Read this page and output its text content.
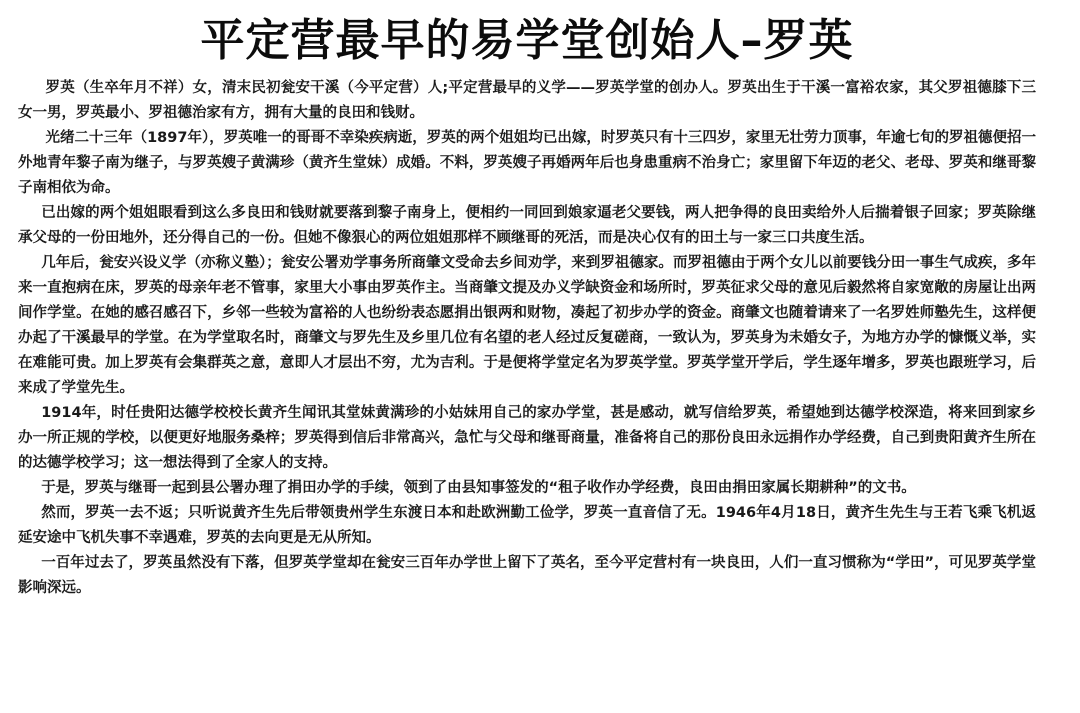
平定营最早的易学堂创始人–罗英

罗英（生卒年月不祥）女，清末民初瓮安干溪（今平定营）人;平定营最早的义学——罗英学堂的创办人。罗英出生于干溪一富裕农家，其父罗祖德膝下三女一男，罗英最小、罗祖德治家有方，拥有大量的良田和钱财。

光绪二十三年（1897年），罗英唯一的哥哥不幸染疾病逝，罗英的两个姐姐均已出嫁，时罗英只有十三四岁，家里无壮劳力顶事，年逾七旬的罗祖德便招一外地青年黎子南为继子，与罗英嫂子黄满珍（黄齐生堂妹）成婚。不料，罗英嫂子再婚两年后也身患重病不治身亡；家里留下年迈的老父、老母、罗英和继哥黎子南相依为命。

已出嫁的两个姐姐眼看到这么多良田和钱财就要落到黎子南身上，便相约一同回到娘家逼老父要钱，两人把争得的良田卖给外人后揣着银子回家；罗英除继承父母的一份田地外，还分得自己的一份。但她不像狠心的两位姐姐那样不顾继哥的死活，而是决心仅有的田土与一家三口共度生活。

几年后，瓮安兴设义学（亦称义塾）；瓮安公署劝学事务所商肇文受命去乡间劝学，来到罗祖德家。而罗祖德由于两个女儿以前要钱分田一事生气成疾，多年来一直抱病在床，罗英的母亲年老不管事，家里大小事由罗英作主。当商肇文提及办义学缺资金和场所时，罗英征求父母的意见后毅然将自家宽敞的房屋让出两间作学堂。在她的感召感召下，乡邻一些较为富裕的人也纷纷表态愿捐出银两和财物，凑起了初步办学的资金。商肇文也随着请来了一名罗姓师塾先生，这样便办起了干溪最早的学堂。在为学堂取名时，商肇文与罗先生及乡里几位有名望的老人经过反复磋商，一致认为，罗英身为未婚女子，为地方办学的慷慨义举，实在难能可贵。加上罗英有会集群英之意，意即人才层出不穷，尤为吉利。于是便将学堂定名为罗英学堂。罗英学堂开学后，学生逐年增多，罗英也跟班学习，后来成了学堂先生。

1914年，时任贵阳达德学校校长黄齐生闻讯其堂妹黄满珍的小姑妹用自己的家办学堂，甚是感动，就写信给罗英，希望她到达德学校深造，将来回到家乡办一所正规的学校，以便更好地服务桑梓；罗英得到信后非常高兴，急忙与父母和继哥商量，准备将自己的那份良田永远捐作办学经费，自己到贵阳黄齐生所在的达德学校学习；这一想法得到了全家人的支持。

于是，罗英与继哥一起到县公署办理了捐田办学的手续，领到了由县知事签发的“租子收作办学经费，良田由捐田家属长期耕种”的文书。

然而，罗英一去不返；只听说黄齐生先后带领贵州学生东渡日本和赴欧洲勤工俭学，罗英一直音信了无。1946年4月18日，黄齐生先生与王若飞乘飞机返延安途中飞机失事不幸遇难，罗英的去向更是无从所知。

一百年过去了，罗英虽然没有下落，但罗英学堂却在瓮安三百年办学世上留下了英名，至今平定营村有一块良田，人们一直习惯称为“学田”，可见罗英学堂影响深远。
